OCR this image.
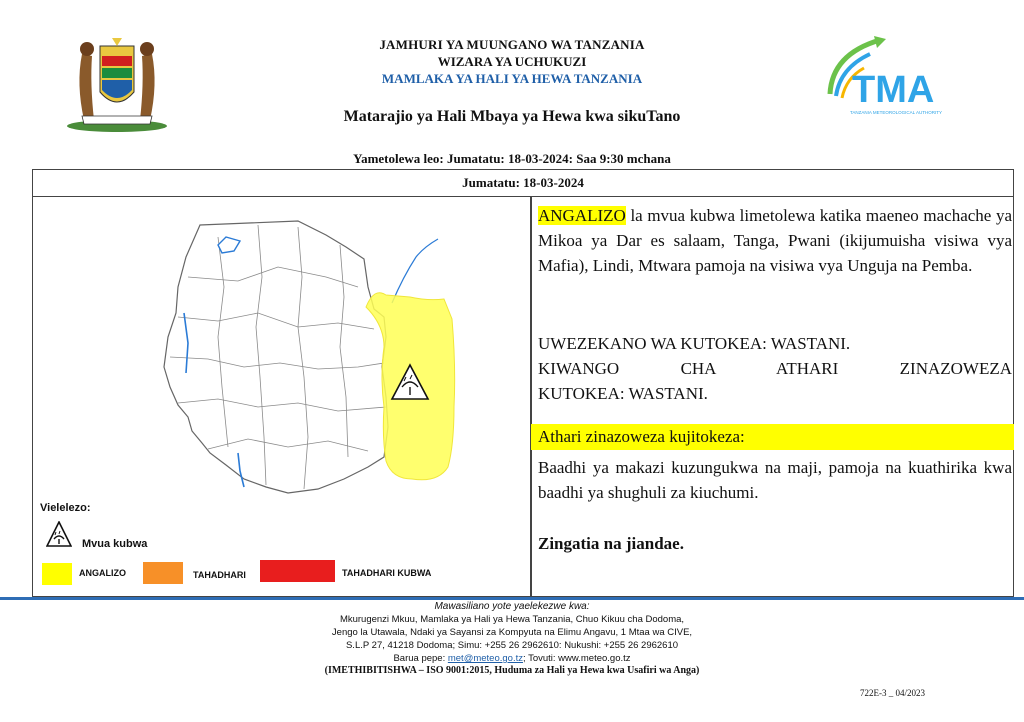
JAMHURI YA MUUNGANO WA TANZANIA
WIZARA YA UCHUKUZI
MAMLAKA YA HALI YA HEWA TANZANIA
Matarajio ya Hali Mbaya ya Hewa kwa sikuTano
Yametolewa leo: Jumatatu: 18-03-2024: Saa 9:30 mchana
TMA
TANZANIA METEOROLOGICAL AUTHORITY
Jumatatu: 18-03-2024
Vielelezo:
Mvua kubwa
ANGALIZO	TAHADHARI	TAHADHARI KUBWA
ANGALIZO la mvua kubwa limetolewa katika maeneo machache ya Mikoa ya Dar es salaam, Tanga, Pwani (ikijumuisha visiwa vya Mafia), Lindi, Mtwara pamoja na visiwa vya Unguja na Pemba.
UWEZEKANO WA KUTOKEA: WASTANI.
KIWANGO CHA ATHARI ZINAZOWEZA
KUTOKEA: WASTANI.
Athari zinazoweza kujitokeza:
Baadhi ya makazi kuzungukwa na maji, pamoja na kuathirika kwa baadhi ya shughuli za kiuchumi.
Zingatia na jiandae.
Mawasiliano yote yaelekezwe kwa:
Mkurugenzi Mkuu, Mamlaka ya Hali ya Hewa Tanzania, Chuo Kikuu cha Dodoma,
Jengo la Utawala, Ndaki ya Sayansi za Kompyuta na Elimu Angavu, 1 Mtaa wa CIVE,
S.L.P 27, 41218 Dodoma; Simu: +255 26 2962610: Nukushi: +255 26 2962610
Barua pepe: met@meteo.go.tz; Tovuti: www.meteo.go.tz
(IMETHIBITISHWA – ISO 9001:2015, Huduma za Hali ya Hewa kwa Usafiri wa Anga)
722E-3 _ 04/2023
